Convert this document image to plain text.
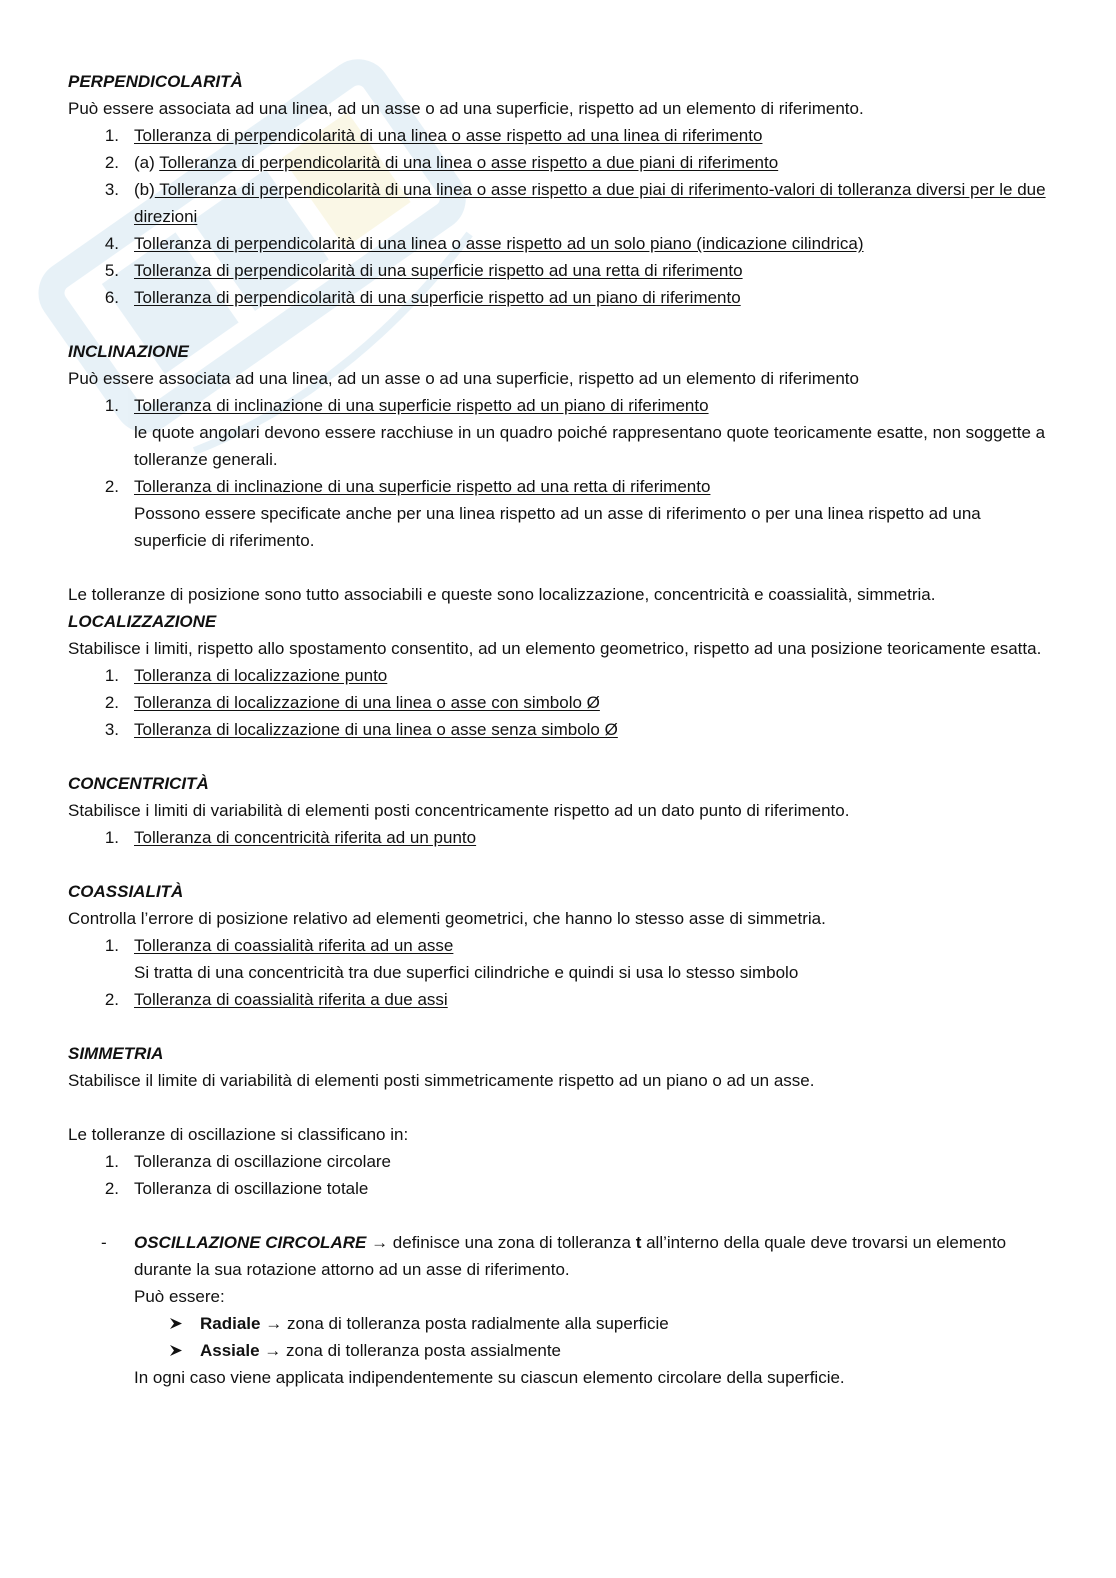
PERPENDICOLARITÀ
Può essere associata ad una linea, ad un asse o ad una superficie, rispetto ad un elemento di riferimento.
1. Tolleranza di perpendicolarità di una linea o asse rispetto ad una linea di riferimento
2. (a) Tolleranza di perpendicolarità di una linea o asse rispetto a due piani di riferimento
3. (b) Tolleranza di perpendicolarità di una linea o asse rispetto a due piai di riferimento-valori di tolleranza diversi per le due direzioni
4. Tolleranza di perpendicolarità di una linea o asse rispetto ad un solo piano (indicazione cilindrica)
5. Tolleranza di perpendicolarità di una superficie rispetto ad una retta di riferimento
6. Tolleranza di perpendicolarità di una superficie rispetto ad un piano di riferimento
INCLINAZIONE
Può essere associata ad una linea, ad un asse o ad una superficie, rispetto ad un elemento di riferimento
1. Tolleranza di inclinazione di una superficie rispetto ad un piano di riferimento
le quote angolari devono essere racchiuse in un quadro poiché rappresentano quote teoricamente esatte, non soggette a tolleranze generali.
2. Tolleranza di inclinazione di una superficie rispetto ad una retta di riferimento
Possono essere specificate anche per una linea rispetto ad un asse di riferimento o per una linea rispetto ad una superficie di riferimento.
Le tolleranze di posizione sono tutto associabili e queste sono localizzazione, concentricità e coassialità, simmetria.
LOCALIZZAZIONE
Stabilisce i limiti, rispetto allo spostamento consentito, ad un elemento geometrico, rispetto ad una posizione teoricamente esatta.
1. Tolleranza di localizzazione punto
2. Tolleranza di localizzazione di una linea o asse con simbolo Ø
3. Tolleranza di localizzazione di una linea o asse senza simbolo Ø
CONCENTRICITÀ
Stabilisce i limiti di variabilità di elementi posti concentricamente rispetto ad un dato punto di riferimento.
1. Tolleranza di concentricità riferita ad un punto
COASSIALITÀ
Controlla l’errore di posizione relativo ad elementi geometrici, che hanno lo stesso asse di simmetria.
1. Tolleranza di coassialità riferita ad un asse
Si tratta di una concentricità tra due superfici cilindriche e quindi si usa lo stesso simbolo
2. Tolleranza di coassialità riferita a due assi
SIMMETRIA
Stabilisce il limite di variabilità di elementi posti simmetricamente rispetto ad un piano o ad un asse.
Le tolleranze di oscillazione si classificano in:
1. Tolleranza di oscillazione circolare
2. Tolleranza di oscillazione totale
- OSCILLAZIONE CIRCOLARE → definisce una zona di tolleranza t all’interno della quale deve trovarsi un elemento durante la sua rotazione attorno ad un asse di riferimento.
Può essere:
Radiale → zona di tolleranza posta radialmente alla superficie
Assiale → zona di tolleranza posta assialmente
In ogni caso viene applicata indipendentemente su ciascun elemento circolare della superficie.
